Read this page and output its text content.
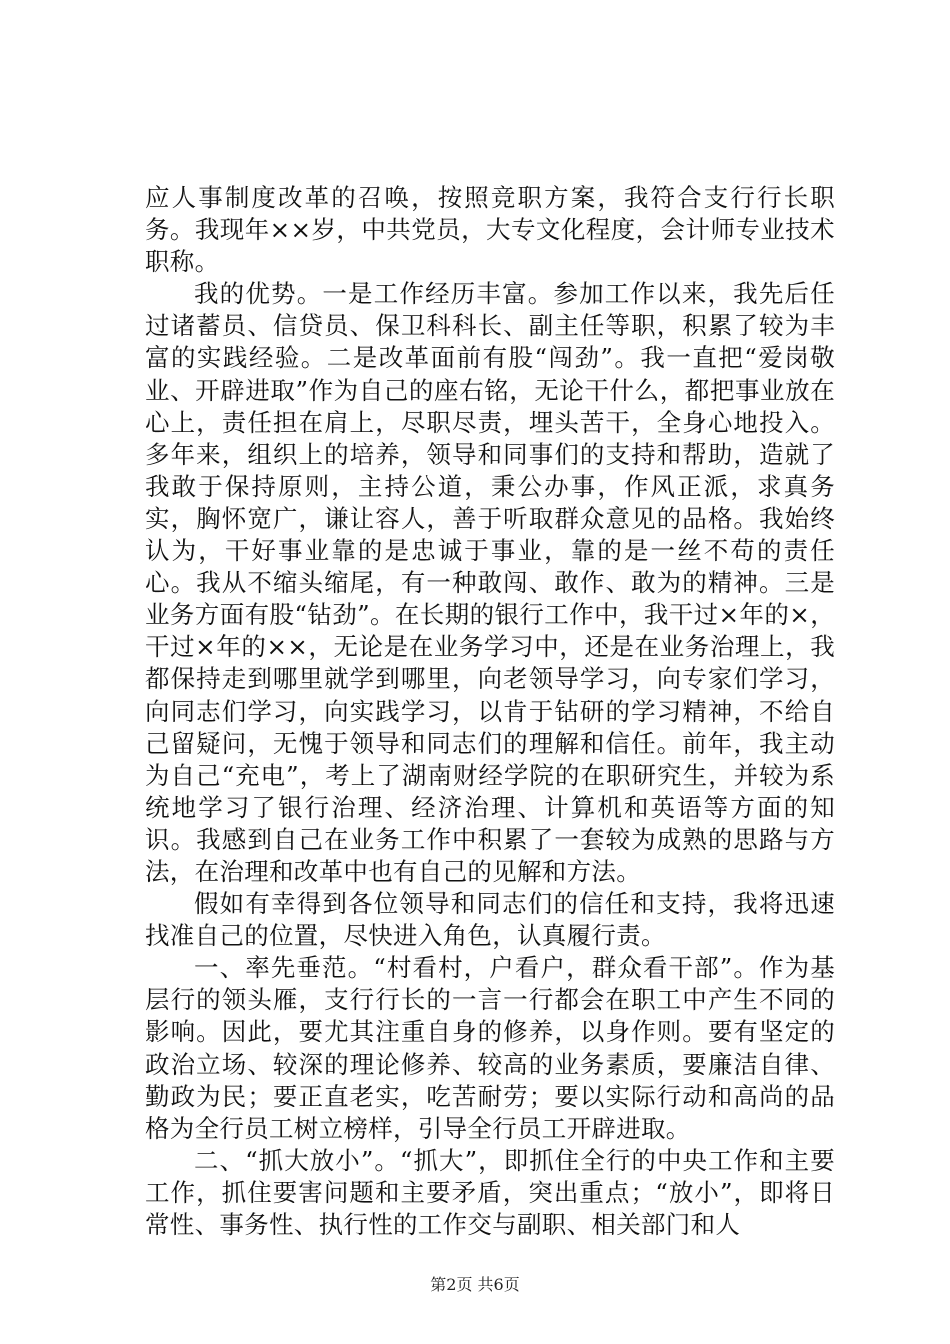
应人事制度改革的召唤，按照竞职方案，我符合支行行长职务。我现年××岁，中共党员，大专文化程度，会计师专业技术职称。

我的优势。一是工作经历丰富。参加工作以来，我先后任过诸蓄员、信贷员、保卫科科长、副主任等职，积累了较为丰富的实践经验。二是改革面前有股“闯劲”。我一直把“爱岗敬业、开辟进取”作为自己的座右铭，无论干什么，都把事业放在心上，责任担在肩上，尽职尽责，埋头苦干，全身心地投入。多年来，组织上的培养，领导和同事们的支持和帮助，造就了我敢于保持原则，主持公道，秉公办事，作风正派，求真务实，胸怀宽广，谦让容人，善于听取群众意见的品格。我始终认为，干好事业靠的是忠诚于事业，靠的是一丝不苟的责任心。我从不缩头缩尾，有一种敢闯、敢作、敢为的精神。三是业务方面有股“钻劲”。在长期的银行工作中，我干过×年的×，干过×年的××，无论是在业务学习中，还是在业务治理上，我都保持走到哪里就学到哪里，向老领导学习，向专家们学习，向同志们学习，向实践学习，以肯于钻研的学习精神，不给自己留疑问，无愧于领导和同志们的理解和信任。前年，我主动为自己“充电”，考上了湖南财经学院的在职研究生，并较为系统地学习了银行治理、经济治理、计算机和英语等方面的知识。我感到自己在业务工作中积累了一套较为成熟的思路与方法，在治理和改革中也有自己的见解和方法。

假如有幸得到各位领导和同志们的信任和支持，我将迅速找准自己的位置，尽快进入角色，认真履行责。

一、率先垂范。“村看村，户看户，群众看干部”。作为基层行的领头雁，支行行长的一言一行都会在职工中产生不同的影响。因此，要尤其注重自身的修养，以身作则。要有坚定的政治立场、较深的理论修养、较高的业务素质，要廉洁自律、勤政为民；要正直老实，吃苦耐劳；要以实际行动和高尚的品格为全行员工树立榜样，引导全行员工开辟进取。

二、“抓大放小”。“抓大”，即抓住全行的中央工作和主要工作，抓住要害问题和主要矛盾，突出重点；“放小”，即将日常性、事务性、执行性的工作交与副职、相关部门和人

第2页 共6页
